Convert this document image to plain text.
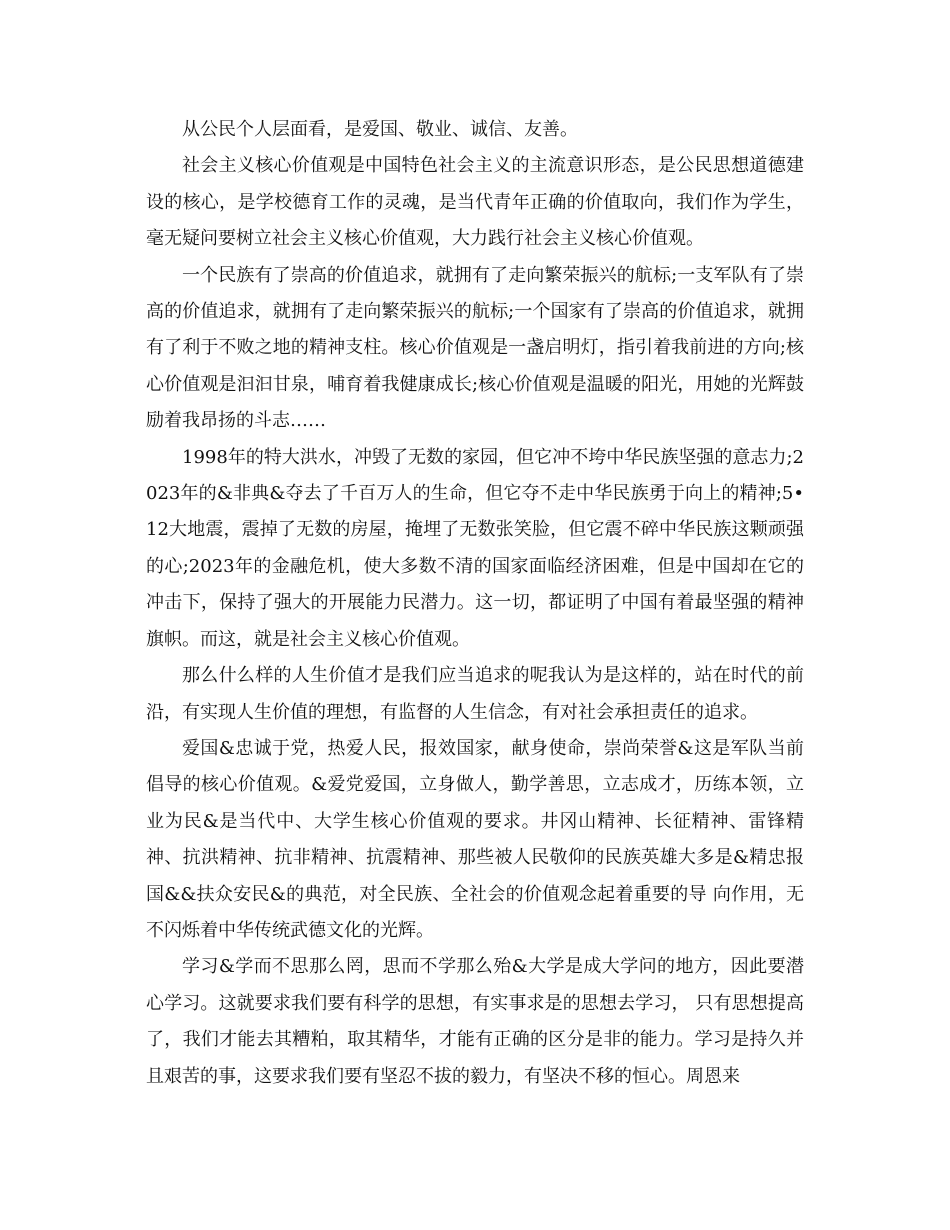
从公民个人层面看，是爱国、敬业、诚信、友善。

社会主义核心价值观是中国特色社会主义的主流意识形态，是公民思想道德建设的核心，是学校德育工作的灵魂，是当代青年正确的价值取向，我们作为学生，毫无疑问要树立社会主义核心价值观，大力践行社会主义核心价值观。

一个民族有了崇高的价值追求，就拥有了走向繁荣振兴的航标;一支军队有了崇高的价值追求，就拥有了走向繁荣振兴的航标;一个国家有了崇高的价值追求，就拥有了利于不败之地的精神支柱。核心价值观是一盏启明灯，指引着我前进的方向;核心价值观是汩汩甘泉，哺育着我健康成长;核心价值观是温暖的阳光，用她的光辉鼓励着我昂扬的斗志……

1998年的特大洪水，冲毁了无数的家园，但它冲不垮中华民族坚强的意志力;2023年的&非典&夺去了千百万人的生命，但它夺不走中华民族勇于向上的精神;5•12大地震，震掉了无数的房屋，掩埋了无数张笑脸，但它震不碎中华民族这颗顽强的心;2023年的金融危机，使大多数不清的国家面临经济困难，但是中国却在它的冲击下，保持了强大的开展能力民潜力。这一切，都证明了中国有着最坚强的精神旗帜。而这，就是社会主义核心价值观。

那么什么样的人生价值才是我们应当追求的呢我认为是这样的，站在时代的前沿，有实现人生价值的理想，有监督的人生信念，有对社会承担责任的追求。

爱国&忠诚于党，热爱人民，报效国家，献身使命，崇尚荣誉&这是军队当前倡导的核心价值观。&爱党爱国，立身做人，勤学善思，立志成才，历练本领，立业为民&是当代中、大学生核心价值观的要求。井冈山精神、长征精神、雷锋精神、抗洪精神、抗非精神、抗震精神、那些被人民敬仰的民族英雄大多是&精忠报国&&扶众安民&的典范，对全民族、全社会的价值观念起着重要的导 向作用，无不闪烁着中华传统武德文化的光辉。

学习&学而不思那么罔，思而不学那么殆&大学是成大学问的地方，因此要潜心学习。这就要求我们要有科学的思想，有实事求是的思想去学习， 只有思想提高了，我们才能去其糟粕，取其精华，才能有正确的区分是非的能力。学习是持久并且艰苦的事，这要求我们要有坚忍不拔的毅力，有坚决不移的恒心。周恩来
